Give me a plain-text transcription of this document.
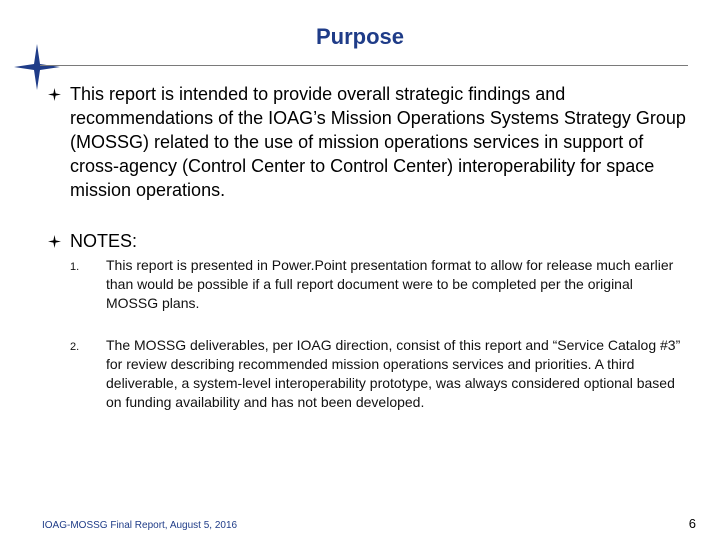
Purpose
This report is intended to provide overall strategic findings and recommendations of the IOAG’s Mission Operations Systems Strategy Group (MOSSG) related to the use of mission operations services in support of cross-agency (Control Center to Control Center) interoperability for space mission operations.
NOTES:
1. This report is presented in Power.Point presentation format to allow for release much earlier than would be possible if a full report document were to be completed per the original MOSSG plans.
2. The MOSSG deliverables, per IOAG direction, consist of this report and “Service Catalog #3” for review describing recommended mission operations services and priorities. A third deliverable, a system-level interoperability prototype, was always considered optional based on funding availability and has not been developed.
IOAG-MOSSG Final Report, August 5, 2016	6
